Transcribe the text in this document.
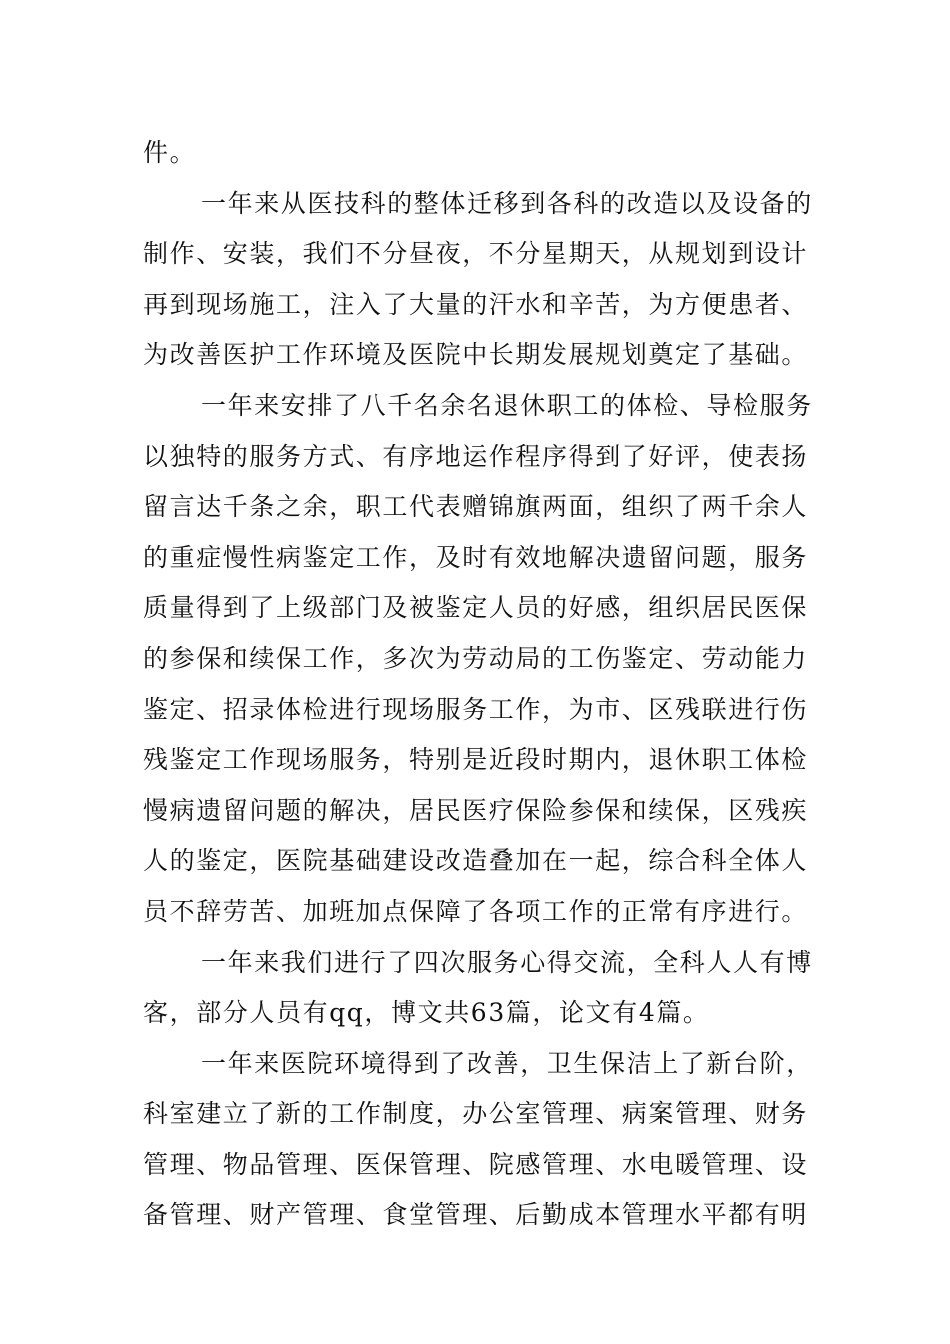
件。
一年来从医技科的整体迁移到各科的改造以及设备的
制作、安装，我们不分昼夜，不分星期天，从规划到设计
再到现场施工，注入了大量的汗水和辛苦，为方便患者、
为改善医护工作环境及医院中长期发展规划奠定了基础。
一年来安排了八千名余名退休职工的体检、导检服务
以独特的服务方式、有序地运作程序得到了好评，使表扬
留言达千条之余，职工代表赠锦旗两面，组织了两千余人
的重症慢性病鉴定工作，及时有效地解决遗留问题，服务
质量得到了上级部门及被鉴定人员的好感，组织居民医保
的参保和续保工作，多次为劳动局的工伤鉴定、劳动能力
鉴定、招录体检进行现场服务工作，为市、区残联进行伤
残鉴定工作现场服务，特别是近段时期内，退休职工体检
慢病遗留问题的解决，居民医疗保险参保和续保，区残疾
人的鉴定，医院基础建设改造叠加在一起，综合科全体人
员不辞劳苦、加班加点保障了各项工作的正常有序进行。
一年来我们进行了四次服务心得交流，全科人人有博
客，部分人员有qq，博文共63篇，论文有4篇。
一年来医院环境得到了改善，卫生保洁上了新台阶，
科室建立了新的工作制度，办公室管理、病案管理、财务
管理、物品管理、医保管理、院感管理、水电暖管理、设
备管理、财产管理、食堂管理、后勤成本管理水平都有明
